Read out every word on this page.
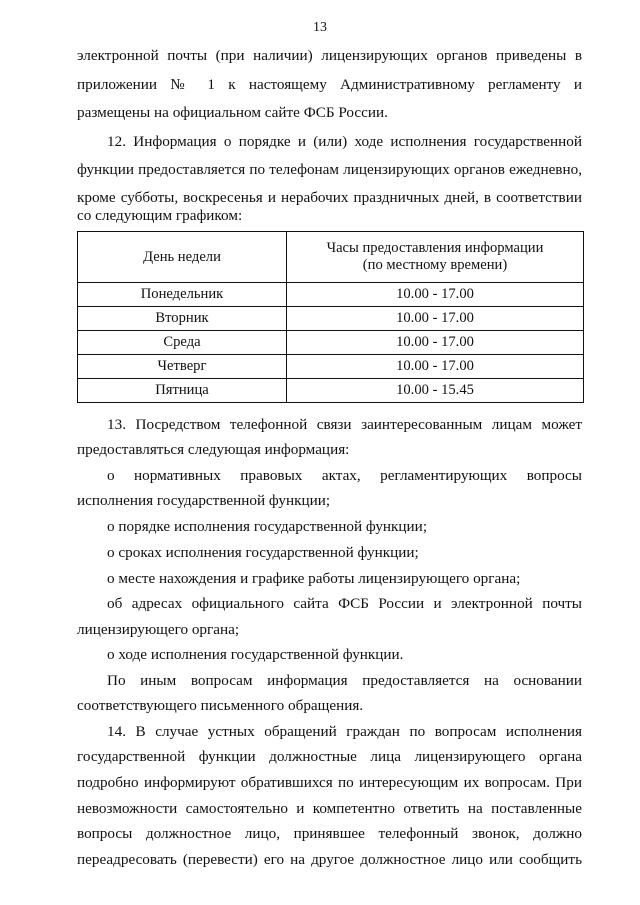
13
электронной почты (при наличии) лицензирующих органов приведены в
приложении № 1 к настоящему Административному регламенту и
размещены на официальном сайте ФСБ России.
12. Информация о порядке и (или) ходе исполнения государственной
функции предоставляется по телефонам лицензирующих органов ежедневно,
кроме субботы, воскресенья и нерабочих праздничных дней, в соответствии
со следующим графиком:
День недели	Часы предоставления информации
(по местному времени)

Понедельник	10.00 - 17.00
Вторник	10.00 - 17.00
Среда	10.00 - 17.00
Четверг	10.00 - 17.00
Пятница	10.00 - 15.45
13. Посредством телефонной связи заинтересованным лицам может
предоставляться следующая информация:
о нормативных правовых актах, регламентирующих вопросы
исполнения государственной функции;
о порядке исполнения государственной функции;
о сроках исполнения государственной функции;
о месте нахождения и графике работы лицензирующего органа;
об адресах официального сайта ФСБ России и электронной почты
лицензирующего органа;
о ходе исполнения государственной функции.
По иным вопросам информация предоставляется на основании
соответствующего письменного обращения.
14. В случае устных обращений граждан по вопросам исполнения
государственной функции должностные лица лицензирующего органа
подробно информируют обратившихся по интересующим их вопросам. При
невозможности самостоятельно и компетентно ответить на поставленные
вопросы должностное лицо, принявшее телефонный звонок, должно
переадресовать (перевести) его на другое должностное лицо или сообщить
